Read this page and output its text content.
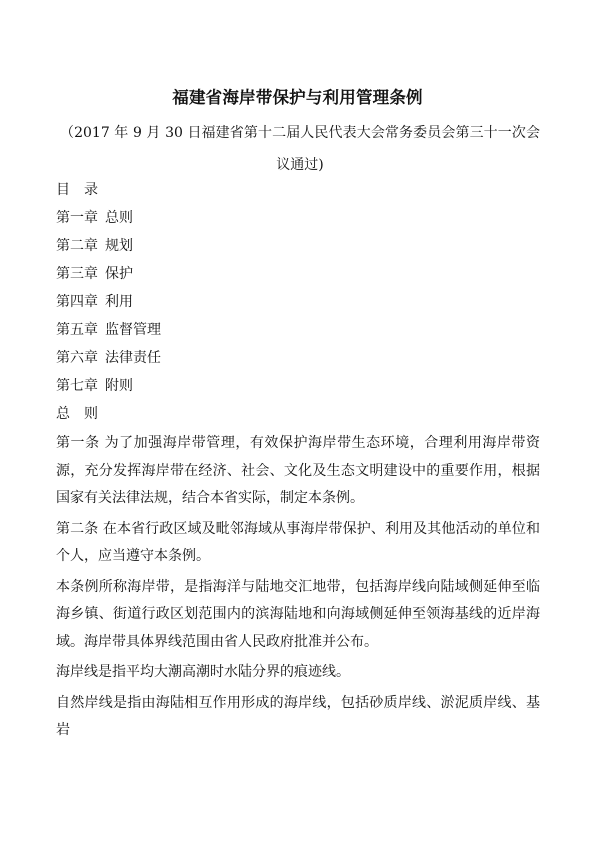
福建省海岸带保护与利用管理条例
（2017 年 9 月 30 日福建省第十二届人民代表大会常务委员会第三十一次会议通过)
目 录
第一章 总则
第二章 规划
第三章 保护
第四章 利用
第五章 监督管理
第六章 法律责任
第七章 附则
总 则
第一条 为了加强海岸带管理，有效保护海岸带生态环境，合理利用海岸带资源，充分发挥海岸带在经济、社会、文化及生态文明建设中的重要作用，根据国家有关法律法规，结合本省实际，制定本条例。
第二条 在本省行政区域及毗邻海域从事海岸带保护、利用及其他活动的单位和个人，应当遵守本条例。
本条例所称海岸带，是指海洋与陆地交汇地带，包括海岸线向陆域侧延伸至临海乡镇、街道行政区划范围内的滨海陆地和向海域侧延伸至领海基线的近岸海域。海岸带具体界线范围由省人民政府批准并公布。
海岸线是指平均大潮高潮时水陆分界的痕迹线。
自然岸线是指由海陆相互作用形成的海岸线，包括砂质岸线、淤泥质岸线、基岩
